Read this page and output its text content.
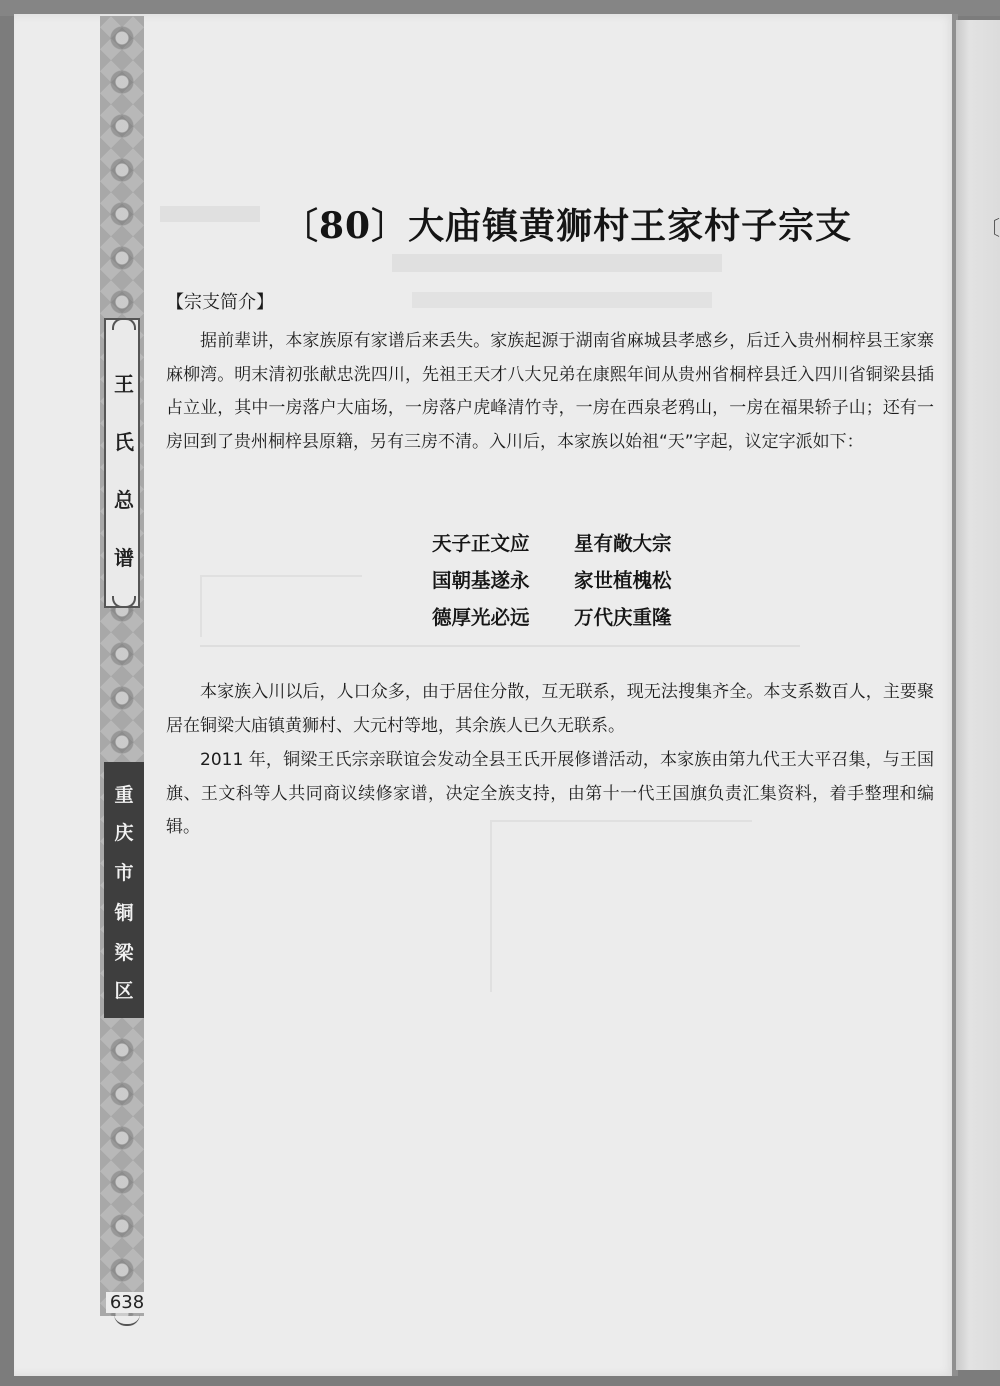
〔
王
氏
总
谱
重
庆
市
铜
梁
区
638
〔80〕大庙镇黄狮村王家村子宗支
【宗支简介】
据前辈讲，本家族原有家谱后来丢失。家族起源于湖南省麻城县孝感乡，后迁入贵州桐梓县王家寨麻柳湾。明末清初张献忠洗四川，先祖王天才八大兄弟在康熙年间从贵州省桐梓县迁入四川省铜梁县插占立业，其中一房落户大庙场，一房落户虎峰清竹寺，一房在西泉老鸦山，一房在福果轿子山；还有一房回到了贵州桐梓县原籍，另有三房不清。入川后，本家族以始祖“天”字起，议定字派如下：
天子正文应 星有敞大宗
国朝基遂永 家世植槐松
德厚光必远 万代庆重隆
本家族入川以后，人口众多，由于居住分散，互无联系，现无法搜集齐全。本支系数百人，主要聚居在铜梁大庙镇黄狮村、大元村等地，其余族人已久无联系。
2011 年，铜梁王氏宗亲联谊会发动全县王氏开展修谱活动，本家族由第九代王大平召集，与王国旗、王文科等人共同商议续修家谱，决定全族支持，由第十一代王国旗负责汇集资料，着手整理和编辑。
